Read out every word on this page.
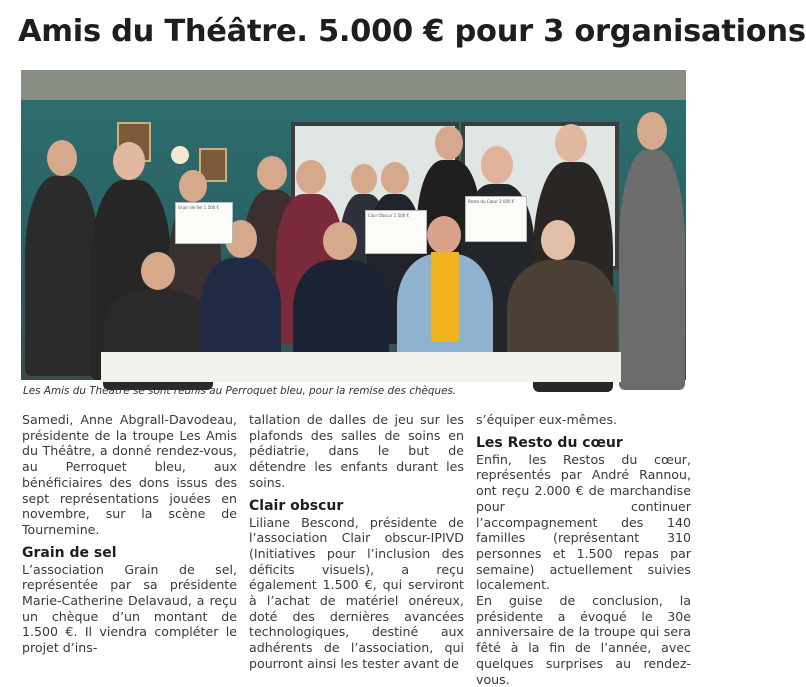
Amis du Théâtre. 5.000 € pour 3 organisations
Grain de Sel 1 500 €
Clair Obscur 1 500 €
Resto du Cœur 2 000 €

Les Amis du Théâtre se sont réunis au Perroquet bleu, pour la remise des chèques.

Samedi, Anne Abgrall-Davodeau, présidente de la troupe Les Amis du Théâtre, a donné rendez-vous, au Perroquet bleu, aux bénéficiaires des dons issus des sept représentations jouées en novembre, sur la scène de Tournemine.

Grain de sel

L’association Grain de sel, représentée par sa présidente Marie-Catherine Delavaud, a reçu un chèque d’un montant de 1.500 €. Il viendra compléter le projet d’ins-

tallation de dalles de jeu sur les plafonds des salles de soins en pédiatrie, dans le but de détendre les enfants durant les soins.

Clair obscur

Liliane Bescond, présidente de l’association Clair obscur-IPIVD (Initiatives pour l’inclusion des déficits visuels), a reçu également 1.500 €, qui serviront à l’achat de matériel onéreux, doté des dernières avancées technologiques, destiné aux adhérents de l’association, qui pourront ainsi les tester avant de

s’équiper eux-mêmes.

Les Resto du cœur

Enfin, les Restos du cœur, représentés par André Rannou, ont reçu 2.000 € de marchandise pour continuer l’accompagnement des 140 familles (représentant 310 personnes et 1.500 repas par semaine) actuellement suivies localement.

En guise de conclusion, la présidente a évoqué le 30e anniversaire de la troupe qui sera fêté à la fin de l’année, avec quelques surprises au rendez-vous.
